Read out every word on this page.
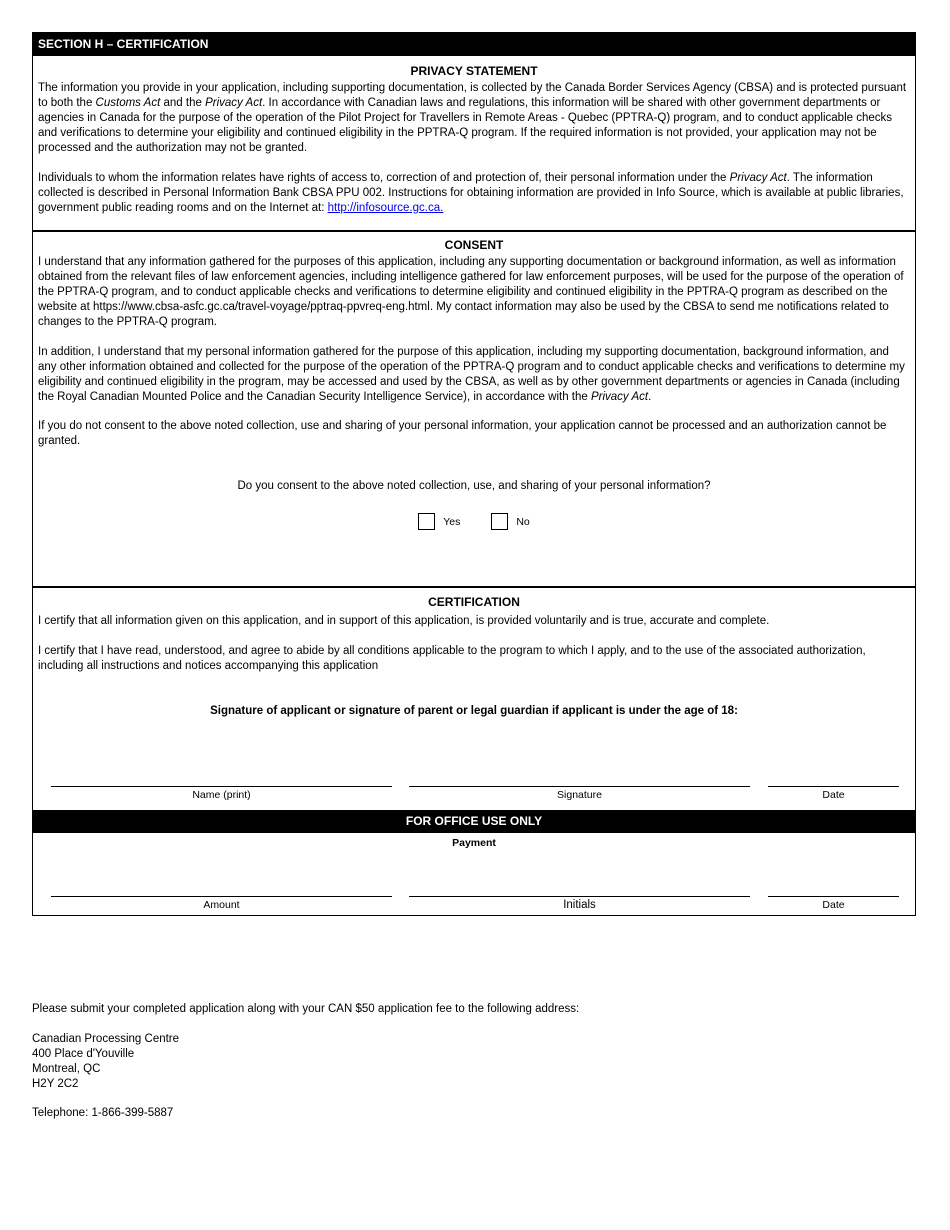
SECTION H – CERTIFICATION
PRIVACY STATEMENT

The information you provide in your application, including supporting documentation, is collected by the Canada Border Services Agency (CBSA) and is protected pursuant to both the Customs Act and the Privacy Act. In accordance with Canadian laws and regulations, this information will be shared with other government departments or agencies in Canada for the purpose of the operation of the Pilot Project for Travellers in Remote Areas - Quebec (PPTRA-Q) program, and to conduct applicable checks and verifications to determine your eligibility and continued eligibility in the PPTRA-Q program. If the required information is not provided, your application may not be processed and the authorization may not be granted.

Individuals to whom the information relates have rights of access to, correction of and protection of, their personal information under the Privacy Act. The information collected is described in Personal Information Bank CBSA PPU 002. Instructions for obtaining information are provided in Info Source, which is available at public libraries, government public reading rooms and on the Internet at: http://infosource.gc.ca.

CONSENT

I understand that any information gathered for the purposes of this application, including any supporting documentation or background information, as well as information obtained from the relevant files of law enforcement agencies, including intelligence gathered for law enforcement purposes, will be used for the purpose of the operation of the PPTRA-Q program, and to conduct applicable checks and verifications to determine eligibility and continued eligibility in the PPTRA-Q program as described on the website at https://www.cbsa-asfc.gc.ca/travel-voyage/pptraq-ppvreq-eng.html. My contact information may also be used by the CBSA to send me notifications related to changes to the PPTRA-Q program.

In addition, I understand that my personal information gathered for the purpose of this application, including my supporting documentation, background information, and any other information obtained and collected for the purpose of the operation of the PPTRA-Q program and to conduct applicable checks and verifications to determine my eligibility and continued eligibility in the program, may be accessed and used by the CBSA, as well as by other government departments or agencies in Canada (including the Royal Canadian Mounted Police and the Canadian Security Intelligence Service), in accordance with the Privacy Act.

If you do not consent to the above noted collection, use and sharing of your personal information, your application cannot be processed and an authorization cannot be granted.

Do you consent to the above noted collection, use, and sharing of your personal information?
Yes	No
CERTIFICATION

I certify that all information given on this application, and in support of this application, is provided voluntarily and is true, accurate and complete.

I certify that I have read, understood, and agree to abide by all conditions applicable to the program to which I apply, and to the use of the associated authorization, including all instructions and notices accompanying this application

Signature of applicant or signature of parent or legal guardian if applicant is under the age of 18:
Name (print)	Signature	Date
FOR OFFICE USE ONLY
Payment
Amount	Initials	Date

Please submit your completed application along with your CAN $50 application fee to the following address:

Canadian Processing Centre

400 Place d'Youville

Montreal, QC

H2Y 2C2

Telephone: 1-866-399-5887
